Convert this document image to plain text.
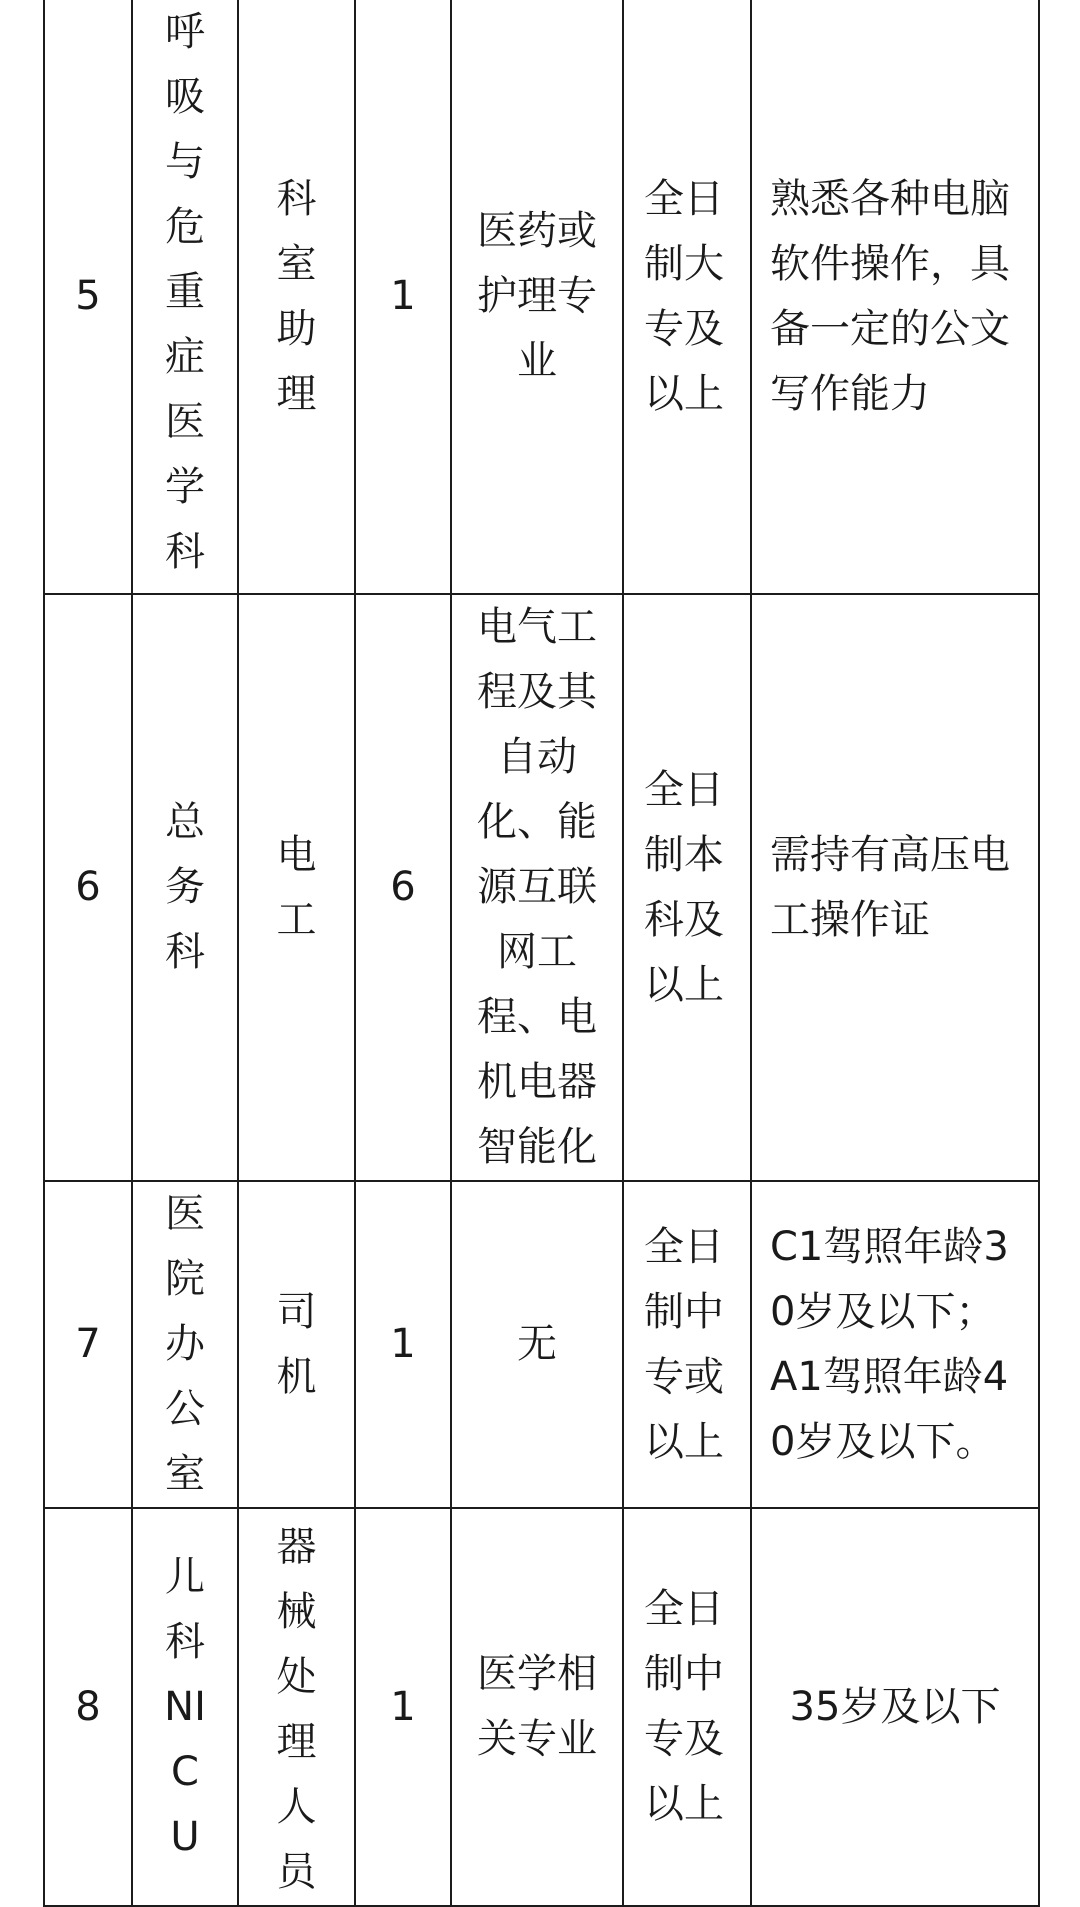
5	呼吸与危重症医学科	科室助理	1	医药或护理专业	全日制大专及以上	熟悉各种电脑软件操作，具备一定的公文写作能力

6	总务科	电工	6	电气工程及其自动化、能源互联网工程、电机电器智能化	全日制本科及以上	需持有高压电工操作证

7	医院办公室	司机	1	无	全日制中专或以上	C1驾照年龄30岁及以下；A1驾照年龄40岁及以下。

8	儿科NICU	器械处理人员	1	医学相关专业	全日制中专及以上	35岁及以下
